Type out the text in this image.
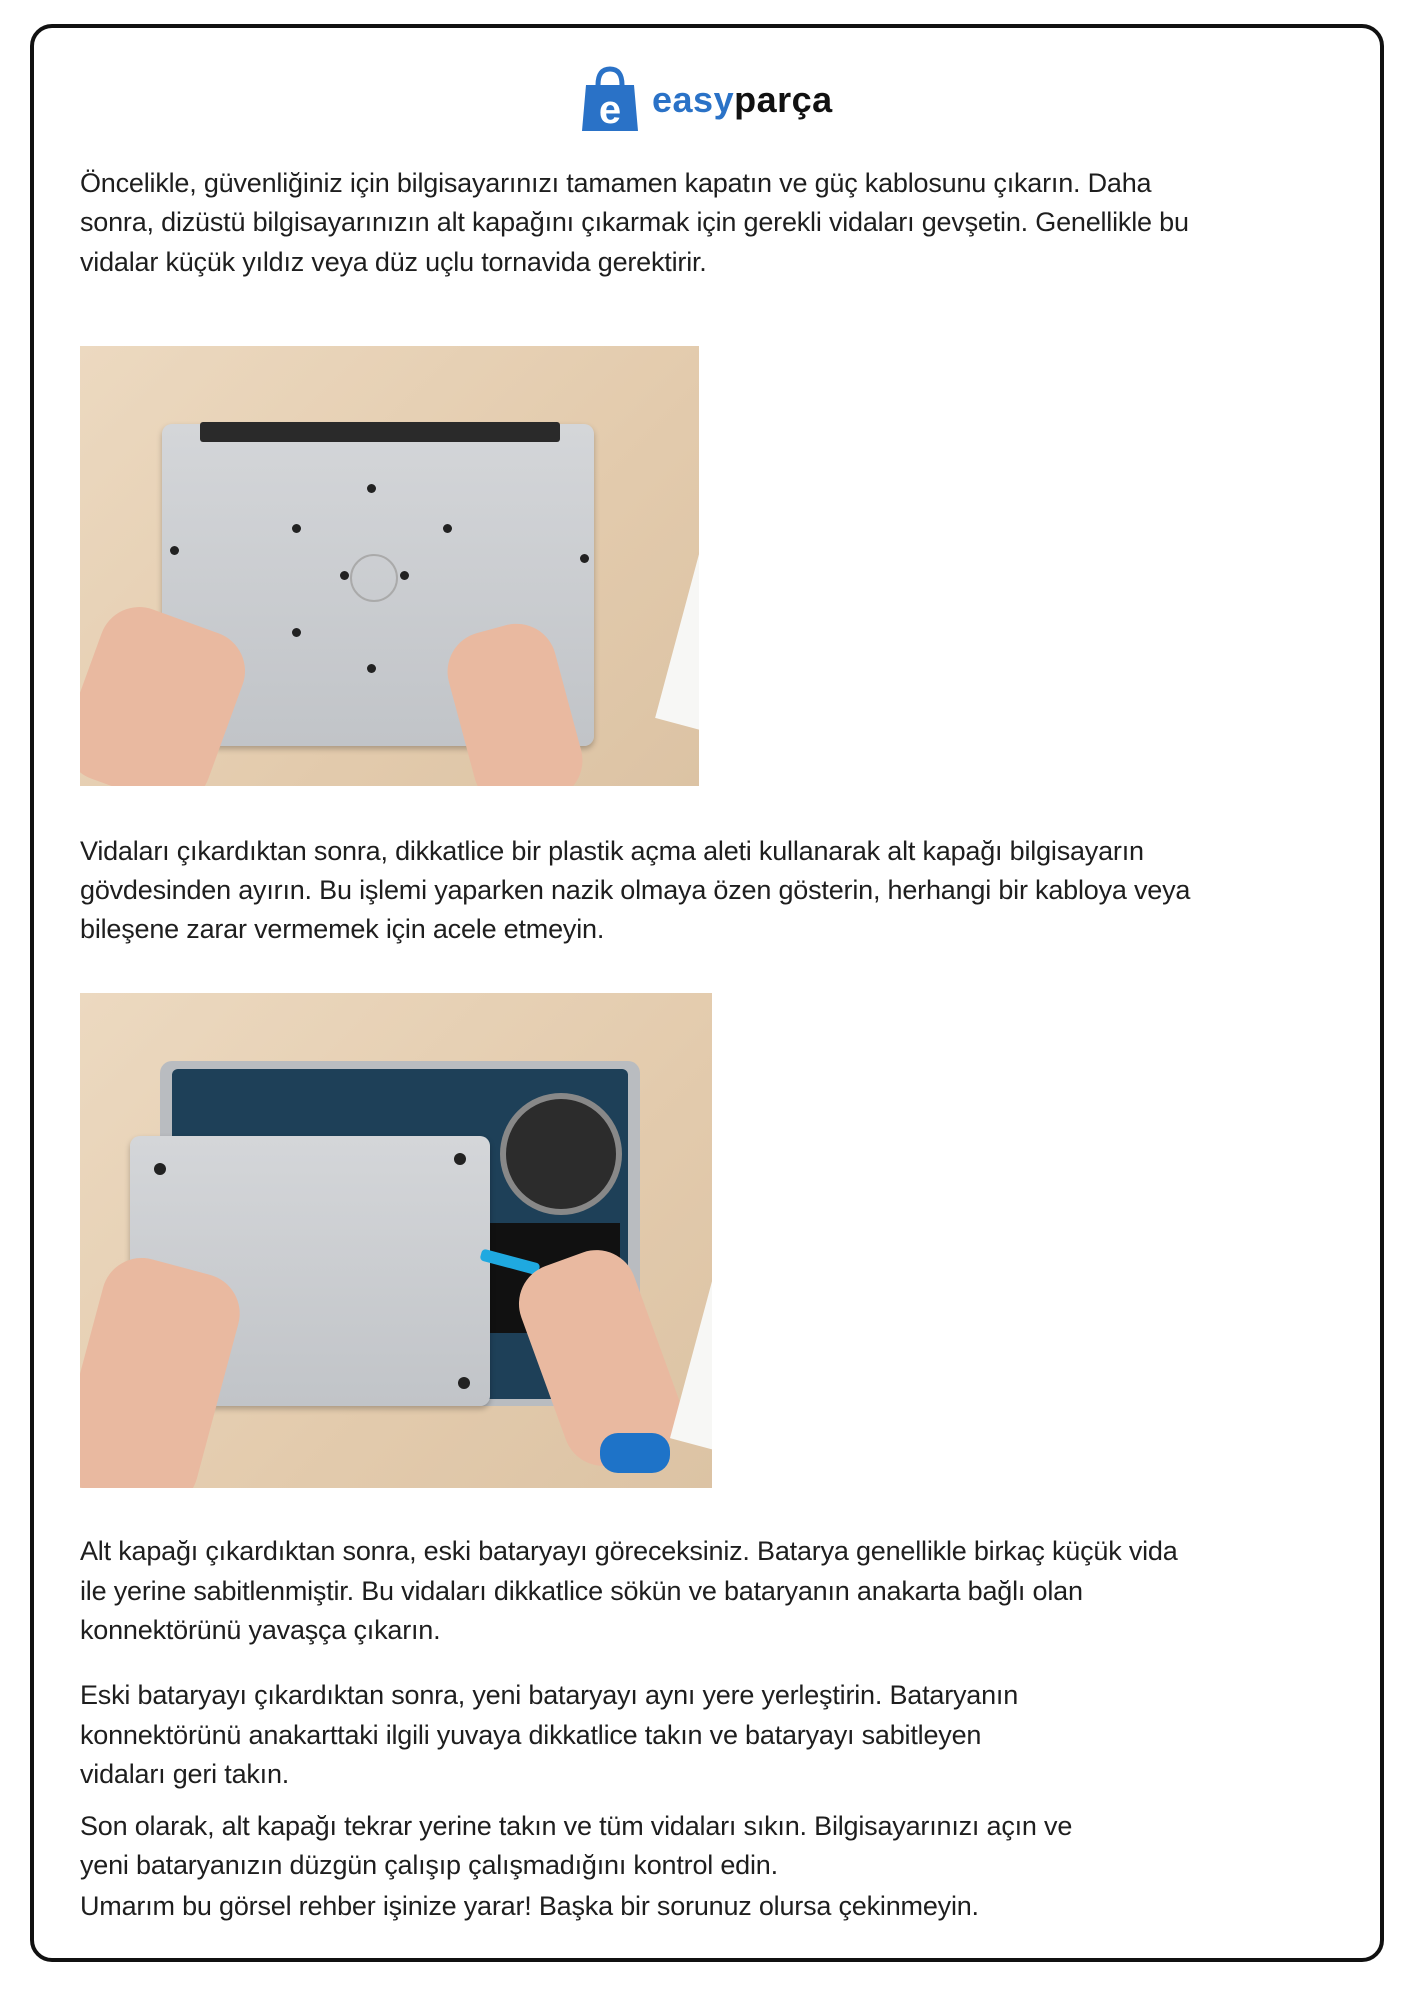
e easyparça
Öncelikle, güvenliğiniz için bilgisayarınızı tamamen kapatın ve güç kablosunu çıkarın. Daha
sonra, dizüstü bilgisayarınızın alt kapağını çıkarmak için gerekli vidaları gevşetin. Genellikle bu
vidalar küçük yıldız veya düz uçlu tornavida gerektirir.
Vidaları çıkardıktan sonra, dikkatlice bir plastik açma aleti kullanarak alt kapağı bilgisayarın
gövdesinden ayırın. Bu işlemi yaparken nazik olmaya özen gösterin, herhangi bir kabloya veya
bileşene zarar vermemek için acele etmeyin.
Alt kapağı çıkardıktan sonra, eski bataryayı göreceksiniz. Batarya genellikle birkaç küçük vida
ile yerine sabitlenmiştir. Bu vidaları dikkatlice sökün ve bataryanın anakarta bağlı olan
konnektörünü yavaşça çıkarın.
Eski bataryayı çıkardıktan sonra, yeni bataryayı aynı yere yerleştirin. Bataryanın
konnektörünü anakarttaki ilgili yuvaya dikkatlice takın ve bataryayı sabitleyen
vidaları geri takın.
Son olarak, alt kapağı tekrar yerine takın ve tüm vidaları sıkın. Bilgisayarınızı açın ve
yeni bataryanızın düzgün çalışıp çalışmadığını kontrol edin.
Umarım bu görsel rehber işinize yarar! Başka bir sorunuz olursa çekinmeyin.
